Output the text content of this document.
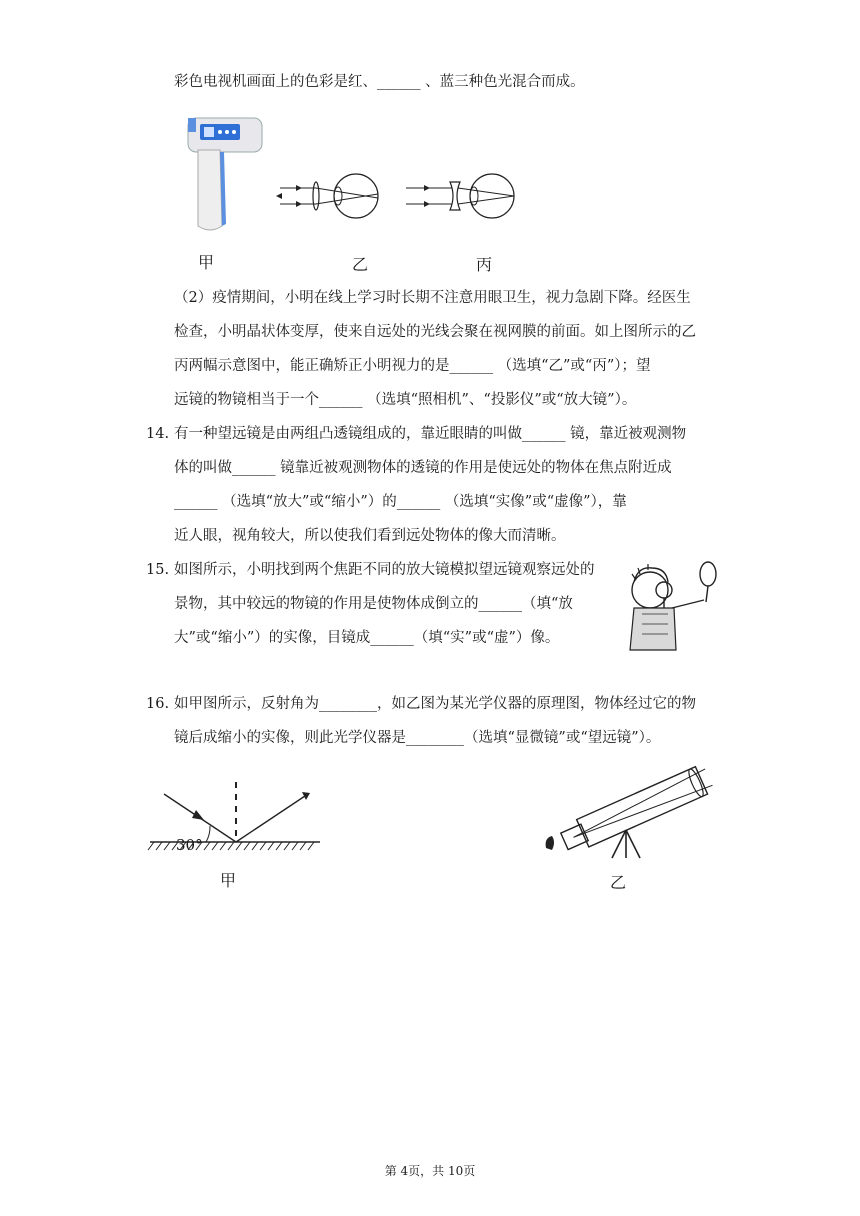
彩色电视机画面上的色彩是红、______ 、蓝三种色光混合而成。
甲	乙	丙
（2）疫情期间，小明在线上学习时长期不注意用眼卫生，视力急剧下降。经医生
检查，小明晶状体变厚，使来自远处的光线会聚在视网膜的前面。如上图所示的乙
丙两幅示意图中，能正确矫正小明视力的是______ （选填“乙”或“丙”）；望
远镜的物镜相当于一个______ （选填“照相机”、“投影仪”或“放大镜”）。
14. 有一种望远镜是由两组凸透镜组成的，靠近眼睛的叫做______ 镜，靠近被观测物
体的叫做______ 镜靠近被观测物体的透镜的作用是使远处的物体在焦点附近成
______ （选填“放大”或“缩小”）的______ （选填“实像”或“虚像”），靠
近人眼，视角较大，所以使我们看到远处物体的像大而清晰。
15. 如图所示，小明找到两个焦距不同的放大镜模拟望远镜观察远处的
景物，其中较远的物镜的作用是使物体成倒立的______（填“放
大”或“缩小”）的实像，目镜成______（填“实”或“虚”）像。
16. 如甲图所示，反射角为________，如乙图为某光学仪器的原理图，物体经过它的物
镜后成缩小的实像，则此光学仪器是________（选填“显微镜”或“望远镜”）。
30°
甲	乙
第 4页，共 10页
